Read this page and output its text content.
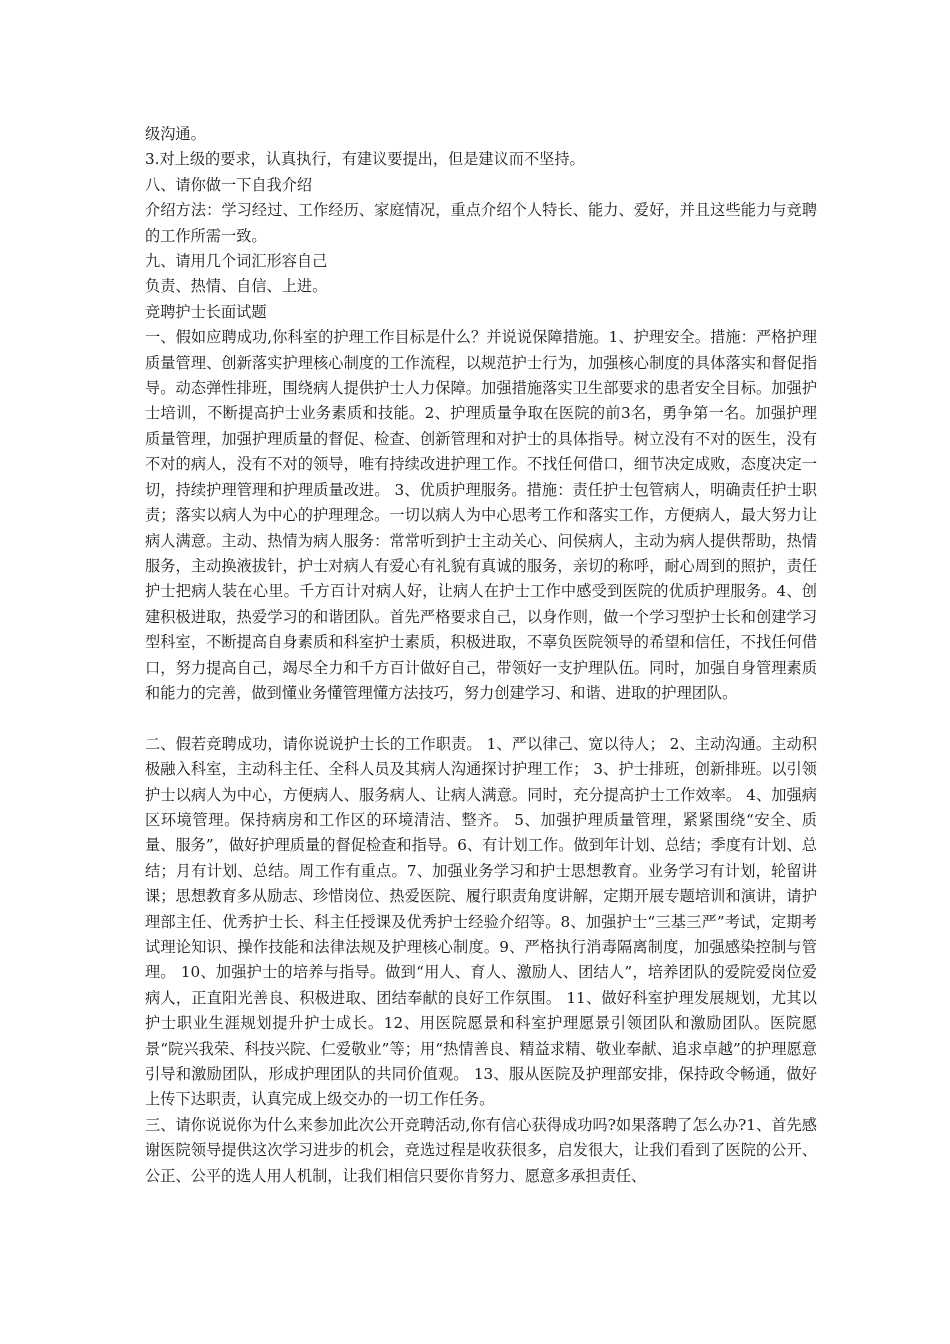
级沟通。

3.对上级的要求，认真执行，有建议要提出，但是建议而不坚持。

八、请你做一下自我介绍

介绍方法：学习经过、工作经历、家庭情况，重点介绍个人特长、能力、爱好，并且这些能力与竞聘的工作所需一致。

九、请用几个词汇形容自己

负责、热情、自信、上进。

竞聘护士长面试题

一、假如应聘成功,你科室的护理工作目标是什么？并说说保障措施。1、护理安全。措施：严格护理质量管理、创新落实护理核心制度的工作流程，以规范护士行为，加强核心制度的具体落实和督促指导。动态弹性排班，围绕病人提供护士人力保障。加强措施落实卫生部要求的患者安全目标。加强护士培训，不断提高护士业务素质和技能。2、护理质量争取在医院的前3名，勇争第一名。加强护理质量管理，加强护理质量的督促、检查、创新管理和对护士的具体指导。树立没有不对的医生，没有不对的病人，没有不对的领导，唯有持续改进护理工作。不找任何借口，细节决定成败，态度决定一切，持续护理管理和护理质量改进。 3、优质护理服务。措施：责任护士包管病人，明确责任护士职责；落实以病人为中心的护理理念。一切以病人为中心思考工作和落实工作，方便病人，最大努力让病人满意。主动、热情为病人服务：常常听到护士主动关心、问侯病人，主动为病人提供帮助，热情服务，主动换液拔针，护士对病人有爱心有礼貌有真诚的服务，亲切的称呼，耐心周到的照护，责任护士把病人装在心里。千方百计对病人好，让病人在护士工作中感受到医院的优质护理服务。4、创建积极进取，热爱学习的和谐团队。首先严格要求自己，以身作则，做一个学习型护士长和创建学习型科室，不断提高自身素质和科室护士素质，积极进取，不辜负医院领导的希望和信任，不找任何借口，努力提高自己，竭尽全力和千方百计做好自己，带领好一支护理队伍。同时，加强自身管理素质和能力的完善，做到懂业务懂管理懂方法技巧，努力创建学习、和谐、进取的护理团队。

二、假若竞聘成功，请你说说护士长的工作职责。 1、严以律己、宽以待人； 2、主动沟通。主动积极融入科室，主动科主任、全科人员及其病人沟通探讨护理工作； 3、护士排班，创新排班。以引领护士以病人为中心，方便病人、服务病人、让病人满意。同时，充分提高护士工作效率。 4、加强病区环境管理。保持病房和工作区的环境清洁、整齐。 5、加强护理质量管理，紧紧围绕“安全、质量、服务”，做好护理质量的督促检查和指导。6、有计划工作。做到年计划、总结；季度有计划、总结；月有计划、总结。周工作有重点。7、加强业务学习和护士思想教育。业务学习有计划，轮留讲课；思想教育多从励志、珍惜岗位、热爱医院、履行职责角度讲解，定期开展专题培训和演讲，请护理部主任、优秀护士长、科主任授课及优秀护士经验介绍等。8、加强护士“三基三严”考试，定期考试理论知识、操作技能和法律法规及护理核心制度。9、严格执行消毒隔离制度，加强感染控制与管理。 10、加强护士的培养与指导。做到“用人、育人、激励人、团结人”，培养团队的爱院爱岗位爱病人，正直阳光善良、积极进取、团结奉献的良好工作氛围。 11、做好科室护理发展规划，尤其以护士职业生涯规划提升护士成长。12、用医院愿景和科室护理愿景引领团队和激励团队。医院愿景“院兴我荣、科技兴院、仁爱敬业”等；用“热情善良、精益求精、敬业奉献、追求卓越”的护理愿意引导和激励团队，形成护理团队的共同价值观。 13、服从医院及护理部安排，保持政令畅通，做好上传下达职责，认真完成上级交办的一切工作任务。

三、请你说说你为什么来参加此次公开竞聘活动,你有信心获得成功吗?如果落聘了怎么办?1、首先感谢医院领导提供这次学习进步的机会，竞选过程是收获很多，启发很大，让我们看到了医院的公开、公正、公平的选人用人机制，让我们相信只要你肯努力、愿意多承担责任、
